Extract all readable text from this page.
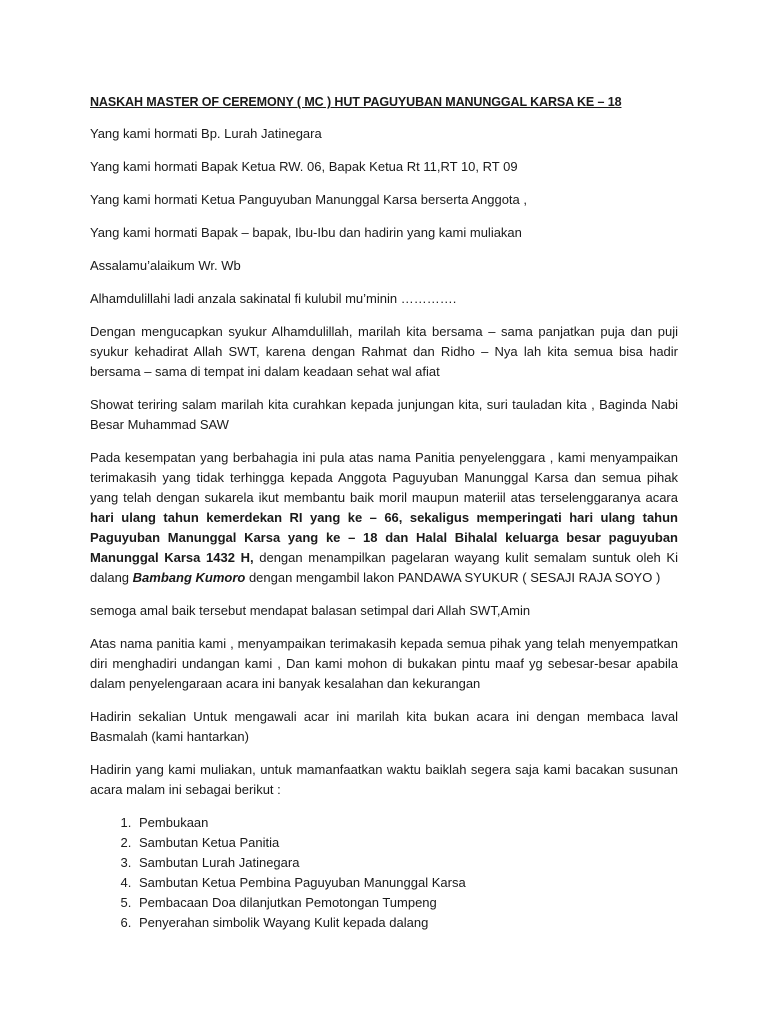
NASKAH MASTER OF CEREMONY ( MC ) HUT PAGUYUBAN MANUNGGAL KARSA KE – 18
Yang kami hormati Bp. Lurah Jatinegara
Yang kami hormati Bapak Ketua RW. 06, Bapak Ketua Rt 11,RT 10, RT 09
Yang kami hormati Ketua Panguyuban Manunggal Karsa berserta Anggota ,
Yang kami hormati Bapak – bapak, Ibu-Ibu dan hadirin yang kami muliakan
Assalamu’alaikum Wr. Wb
Alhamdulillahi ladi anzala sakinatal fi kulubil mu’minin ………….
Dengan mengucapkan syukur Alhamdulillah, marilah kita bersama – sama panjatkan puja dan puji syukur kehadirat Allah SWT, karena dengan Rahmat dan Ridho – Nya lah kita semua bisa hadir bersama – sama di tempat ini dalam keadaan sehat wal afiat
Showat teriring salam marilah kita curahkan kepada junjungan kita, suri tauladan kita , Baginda Nabi Besar Muhammad SAW
Pada kesempatan yang berbahagia ini pula atas nama Panitia penyelenggara , kami menyampaikan terimakasih yang tidak terhingga kepada Anggota Paguyuban Manunggal Karsa dan semua pihak yang telah dengan sukarela ikut membantu baik moril maupun materiil atas terselenggaranya acara hari ulang tahun kemerdekan RI yang ke – 66, sekaligus memperingati hari ulang tahun Paguyuban Manunggal Karsa yang ke – 18 dan Halal Bihalal keluarga besar paguyuban Manunggal Karsa 1432 H, dengan menampilkan pagelaran wayang kulit semalam suntuk oleh Ki dalang Bambang Kumoro dengan mengambil lakon PANDAWA SYUKUR ( SESAJI RAJA SOYO )
semoga amal baik tersebut mendapat balasan setimpal dari Allah SWT,Amin
Atas nama panitia kami , menyampaikan terimakasih kepada semua pihak yang telah menyempatkan diri menghadiri undangan kami , Dan kami mohon di bukakan pintu maaf yg sebesar-besar apabila dalam penyelengaraan acara ini banyak kesalahan dan kekurangan
Hadirin sekalian Untuk mengawali acar ini marilah kita bukan acara ini dengan membaca laval Basmalah (kami hantarkan)
Hadirin yang kami muliakan, untuk mamanfaatkan waktu baiklah segera saja kami bacakan susunan acara malam ini sebagai berikut :
1. Pembukaan
2. Sambutan Ketua Panitia
3. Sambutan Lurah Jatinegara
4. Sambutan Ketua Pembina Paguyuban Manunggal Karsa
5. Pembacaan Doa dilanjutkan Pemotongan Tumpeng
6. Penyerahan simbolik Wayang Kulit kepada dalang
